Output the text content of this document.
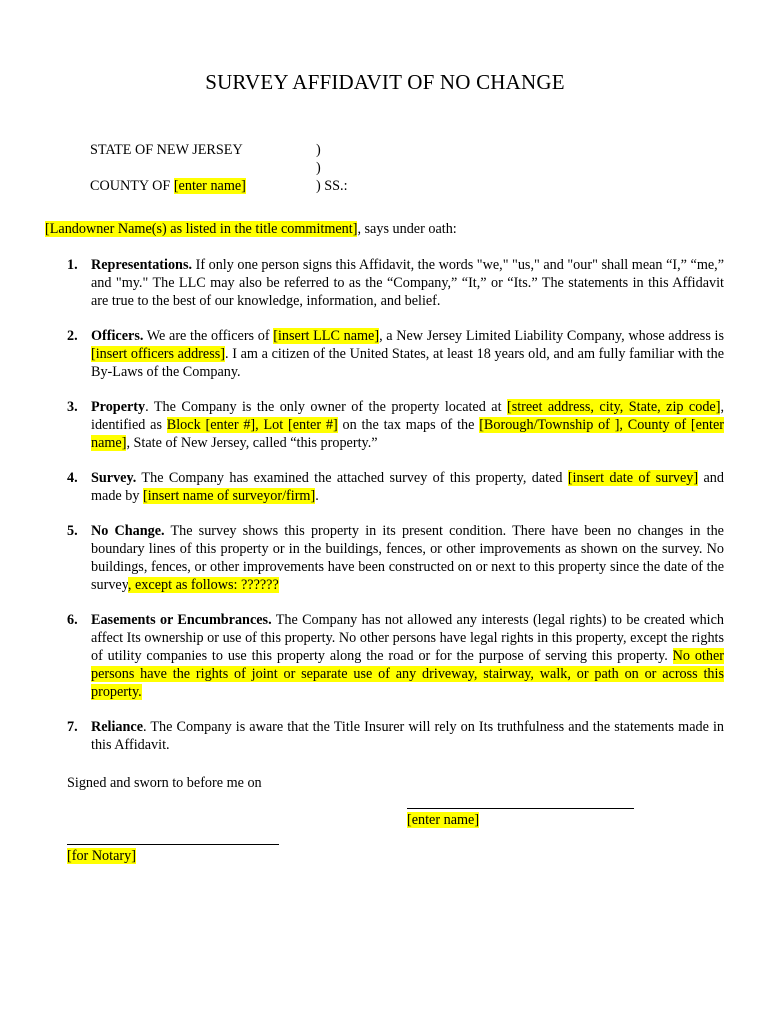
SURVEY AFFIDAVIT OF NO CHANGE
STATE OF NEW JERSEY	)
)
COUNTY OF [enter name]	) SS.:
[Landowner Name(s) as listed in the title commitment], says under oath:
1. Representations. If only one person signs this Affidavit, the words "we," "us," and "our" shall mean “I,” “me,” and "my." The LLC may also be referred to as the “Company,” “It,” or “Its.” The statements in this Affidavit are true to the best of our knowledge, information, and belief.
2. Officers. We are the officers of [insert LLC name], a New Jersey Limited Liability Company, whose address is [insert officers address]. I am a citizen of the United States, at least 18 years old, and am fully familiar with the By-Laws of the Company.
3. Property. The Company is the only owner of the property located at [street address, city, State, zip code], identified as Block [enter #], Lot [enter #] on the tax maps of the [Borough/Township of ], County of [enter name], State of New Jersey, called “this property.”
4. Survey. The Company has examined the attached survey of this property, dated [insert date of survey] and made by [insert name of surveyor/firm].
5. No Change. The survey shows this property in its present condition. There have been no changes in the boundary lines of this property or in the buildings, fences, or other improvements as shown on the survey. No buildings, fences, or other improvements have been constructed on or next to this property since the date of the survey, except as follows: ??????
6. Easements or Encumbrances. The Company has not allowed any interests (legal rights) to be created which affect Its ownership or use of this property. No other persons have legal rights in this property, except the rights of utility companies to use this property along the road or for the purpose of serving this property. No other persons have the rights of joint or separate use of any driveway, stairway, walk, or path on or across this property.
7. Reliance. The Company is aware that the Title Insurer will rely on Its truthfulness and the statements made in this Affidavit.
Signed and sworn to before me on
[enter name]
[for Notary]
